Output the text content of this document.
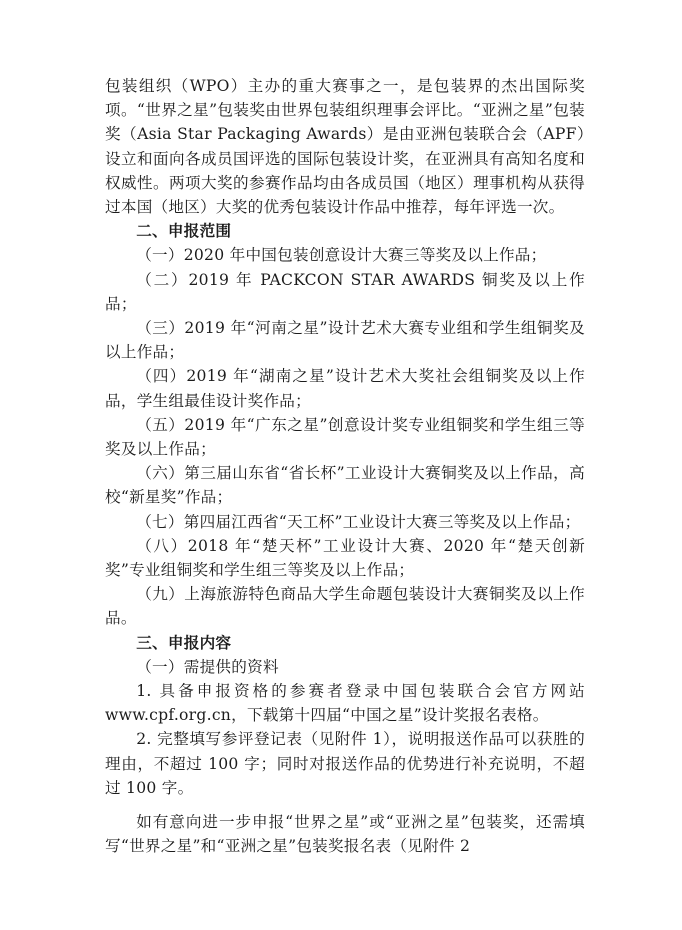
包装组织（WPO）主办的重大赛事之一，是包装界的杰出国际奖项。“世界之星”包装奖由世界包装组织理事会评比。“亚洲之星”包装奖（Asia Star Packaging Awards）是由亚洲包装联合会（APF）设立和面向各成员国评选的国际包装设计奖，在亚洲具有高知名度和权威性。两项大奖的参赛作品均由各成员国（地区）理事机构从获得过本国（地区）大奖的优秀包装设计作品中推荐，每年评选一次。

二、申报范围

（一）2020 年中国包装创意设计大赛三等奖及以上作品；

（二）2019 年 PACKCON STAR AWARDS 铜奖及以上作品；

（三）2019 年“河南之星”设计艺术大赛专业组和学生组铜奖及以上作品；

（四）2019 年“湖南之星”设计艺术大奖社会组铜奖及以上作品，学生组最佳设计奖作品；

（五）2019 年“广东之星”创意设计奖专业组铜奖和学生组三等奖及以上作品；

（六）第三届山东省“省长杯”工业设计大赛铜奖及以上作品，高校“新星奖”作品；

（七）第四届江西省“天工杯”工业设计大赛三等奖及以上作品；

（八）2018 年“楚天杯”工业设计大赛、2020 年“楚天创新奖”专业组铜奖和学生组三等奖及以上作品；

（九）上海旅游特色商品大学生命题包装设计大赛铜奖及以上作品。

三、申报内容

（一）需提供的资料

1. 具备申报资格的参赛者登录中国包装联合会官方网站www.cpf.org.cn，下载第十四届“中国之星”设计奖报名表格。

2. 完整填写参评登记表（见附件 1），说明报送作品可以获胜的理由，不超过 100 字；同时对报送作品的优势进行补充说明，不超过 100 字。

如有意向进一步申报“世界之星”或“亚洲之星”包装奖，还需填写“世界之星”和“亚洲之星”包装奖报名表（见附件 2
